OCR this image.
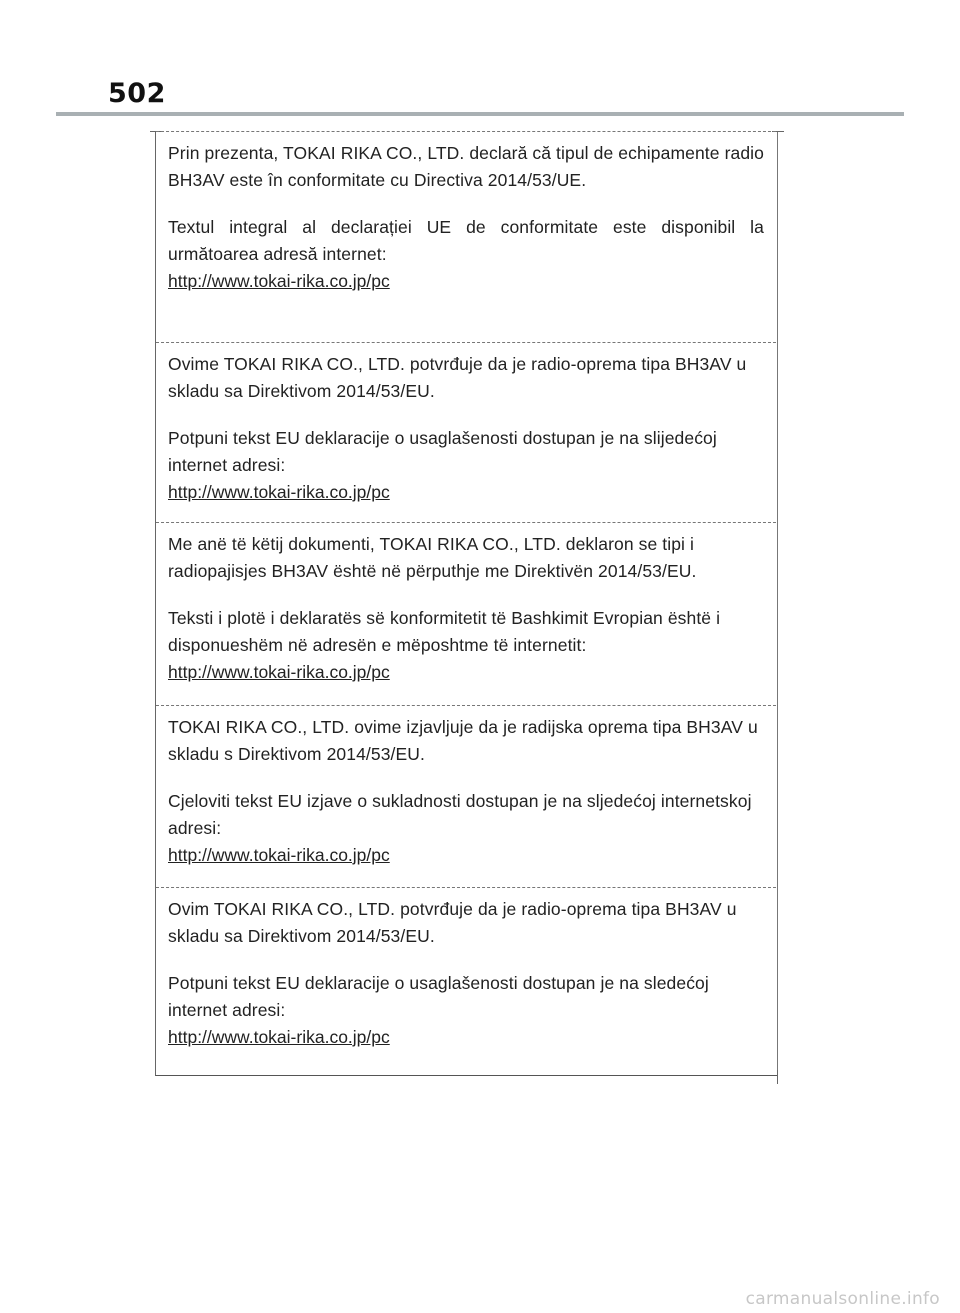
502

Prin prezenta, TOKAI RIKA CO., LTD. declară că tipul de echipamente radio BH3AV este în conformitate cu Directiva 2014/53/UE.

Textul integral al declarației UE de conformitate este disponibil la următoarea adresă internet:

http://www.tokai-rika.co.jp/pc

Ovime TOKAI RIKA CO., LTD. potvrđuje da je radio-oprema tipa BH3AV u skladu sa Direktivom 2014/53/EU.

Potpuni tekst EU deklaracije o usaglašenosti dostupan je na slijedećoj internet adresi:

http://www.tokai-rika.co.jp/pc

Me anë të këtij dokumenti, TOKAI RIKA CO., LTD. deklaron se tipi i radiopajisjes BH3AV është në përputhje me Direktivën 2014/53/EU.

Teksti i plotë i deklaratës së konformitetit të Bashkimit Evropian është i disponueshëm në adresën e mëposhtme të internetit:

http://www.tokai-rika.co.jp/pc

TOKAI RIKA CO., LTD. ovime izjavljuje da je radijska oprema tipa BH3AV u skladu s Direktivom 2014/53/EU.

Cjeloviti tekst EU izjave o sukladnosti dostupan je na sljedećoj internetskoj adresi:

http://www.tokai-rika.co.jp/pc

Ovim TOKAI RIKA CO., LTD. potvrđuje da je radio-oprema tipa BH3AV u skladu sa Direktivom 2014/53/EU.

Potpuni tekst EU deklaracije o usaglašenosti dostupan je na sledećoj internet adresi:

http://www.tokai-rika.co.jp/pc
carmanualsonline.info
